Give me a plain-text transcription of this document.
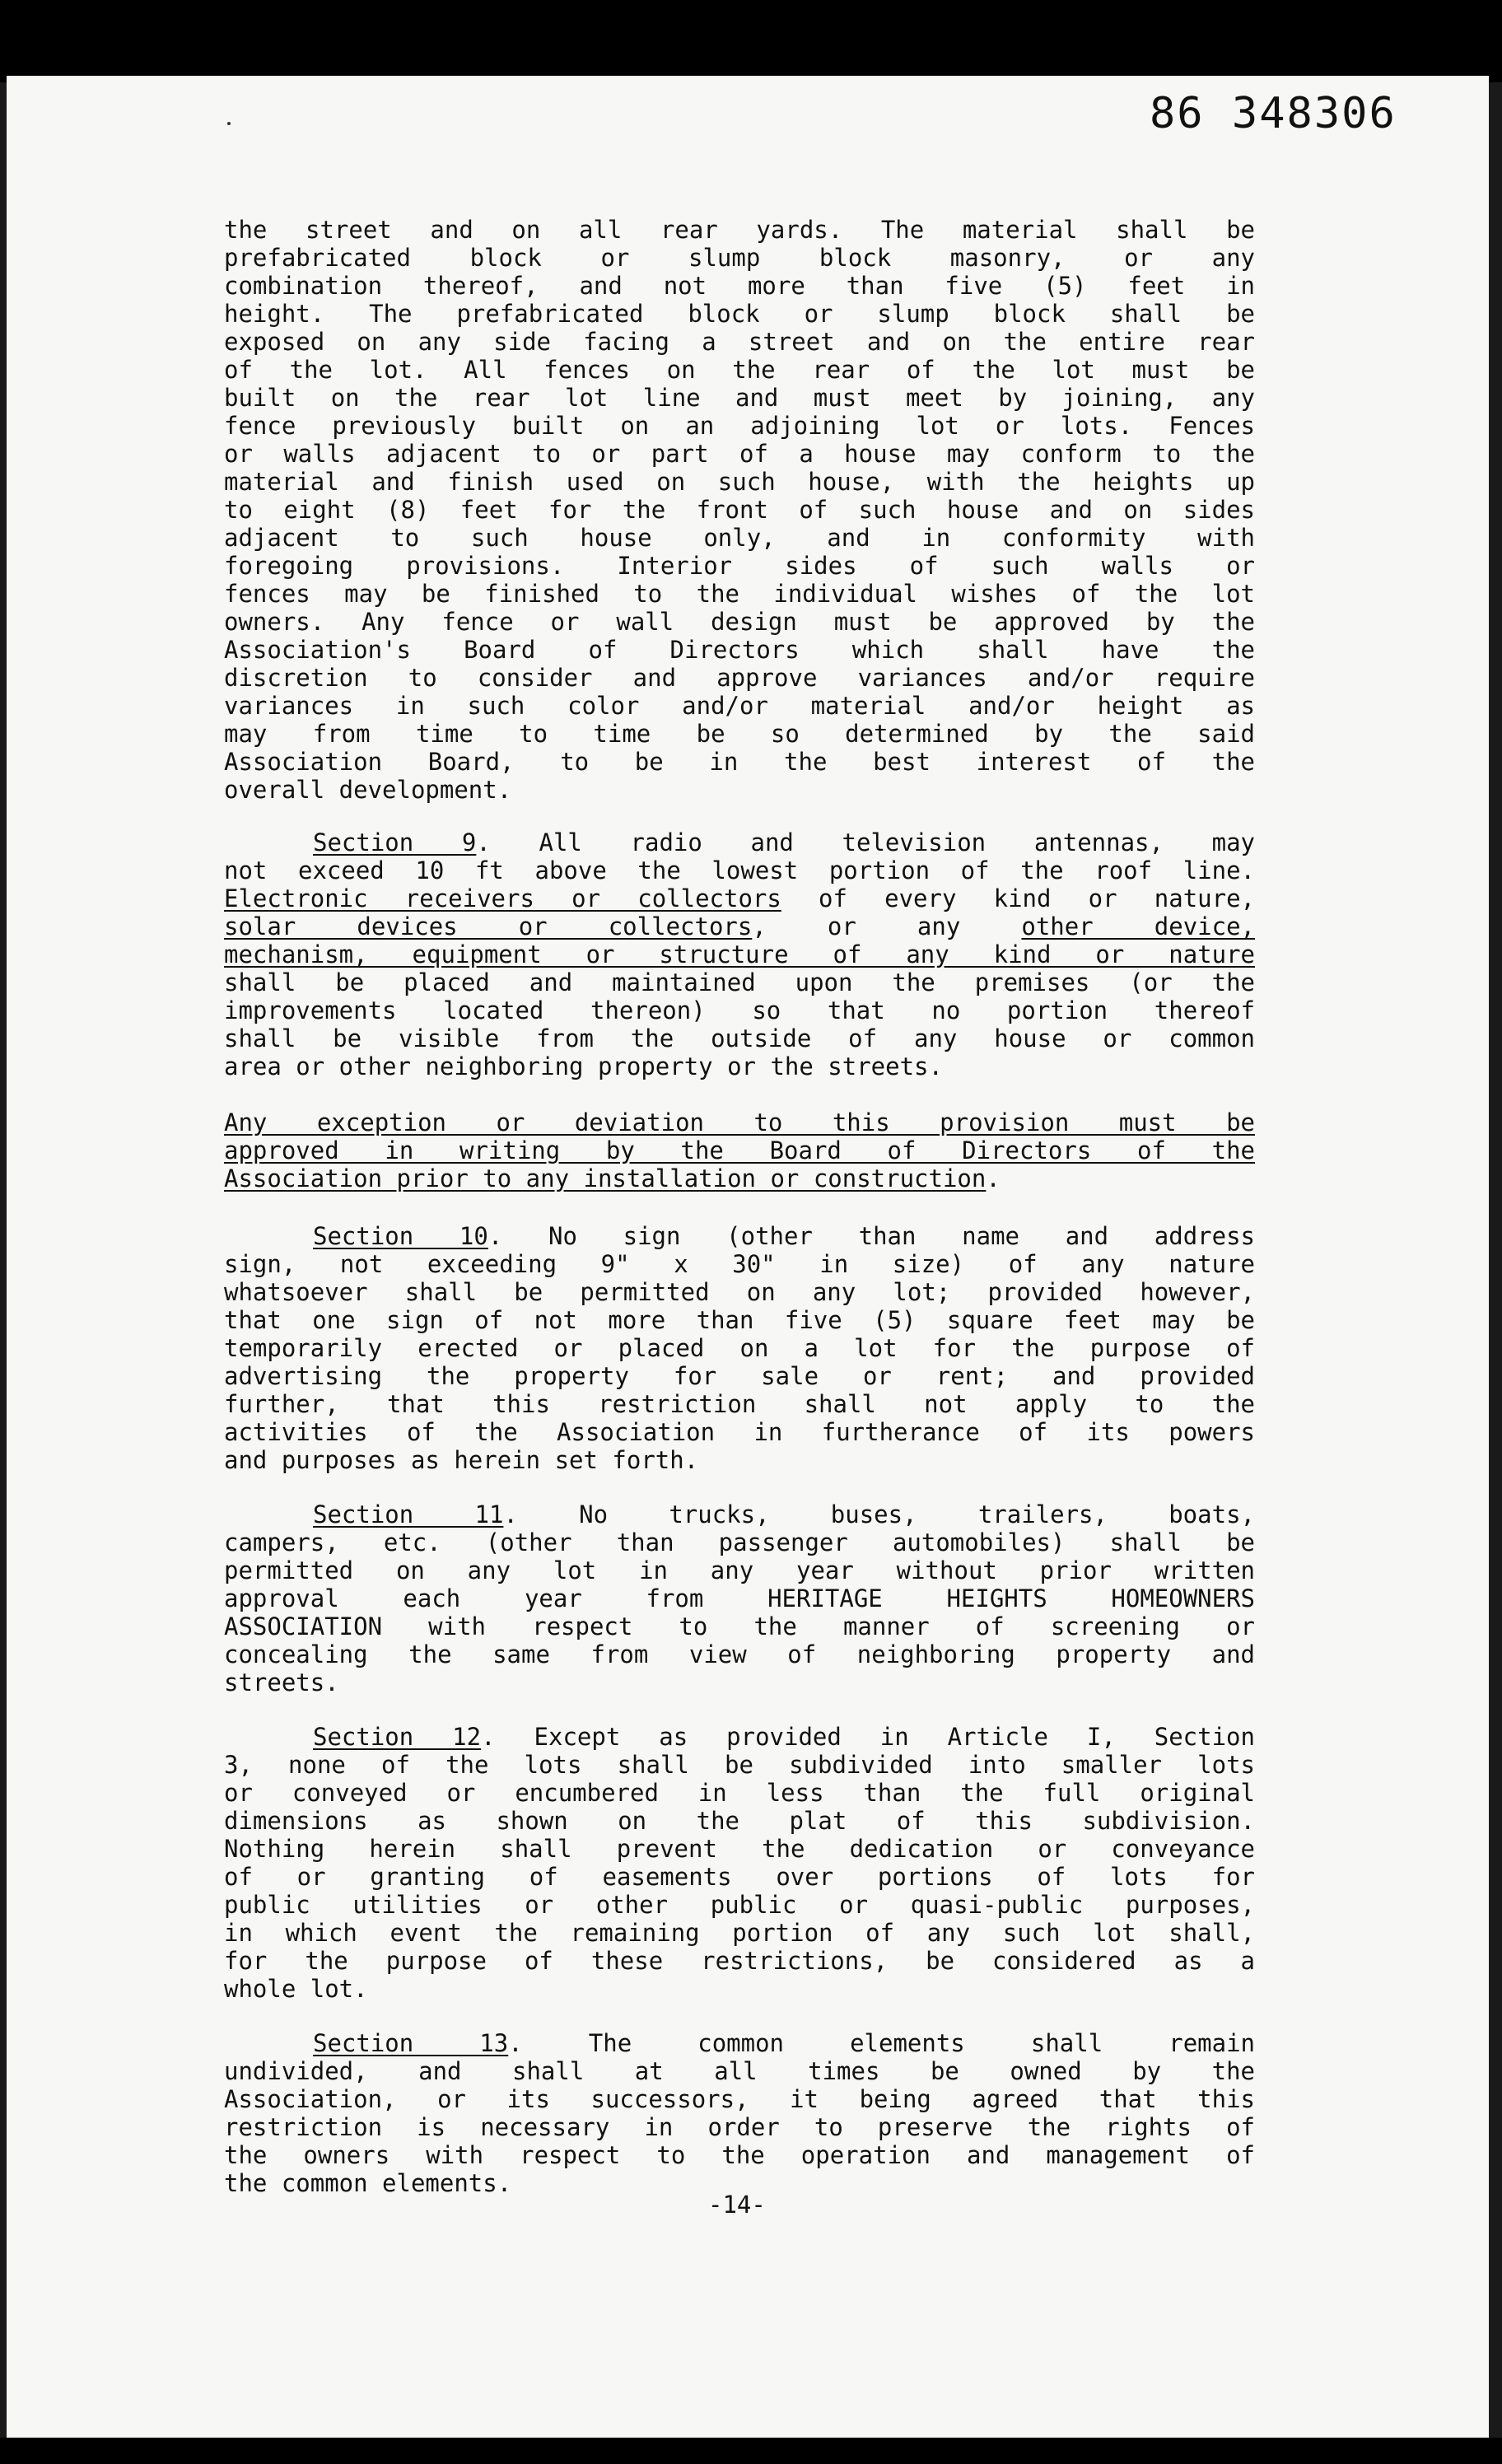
86 348306
the street and on all rear yards. The material shall be
prefabricated block or slump block masonry, or any
combination thereof, and not more than five (5) feet in
height. The prefabricated block or slump block shall be
exposed on any side facing a street and on the entire rear
of the lot. All fences on the rear of the lot must be
built on the rear lot line and must meet by joining, any
fence previously built on an adjoining lot or lots. Fences
or walls adjacent to or part of a house may conform to the
material and finish used on such house, with the heights up
to eight (8) feet for the front of such house and on sides
adjacent to such house only, and in conformity with
foregoing provisions. Interior sides of such walls or
fences may be finished to the individual wishes of the lot
owners. Any fence or wall design must be approved by the
Association's Board of Directors which shall have the
discretion to consider and approve variances and/or require
variances in such color and/or material and/or height as
may from time to time be so determined by the said
Association Board, to be in the best interest of the
overall development.
Section 9. All radio and television antennas, may
not exceed 10 ft above the lowest portion of the roof line.
Electronic receivers or collectors of every kind or nature,
solar devices or collectors, or any other device,
mechanism, equipment or structure of any kind or nature
shall be placed and maintained upon the premises (or the
improvements located thereon) so that no portion thereof
shall be visible from the outside of any house or common
area or other neighboring property or the streets.
Any exception or deviation to this provision must be
approved in writing by the Board of Directors of the
Association prior to any installation or construction.
Section 10. No sign (other than name and address
sign, not exceeding 9" x 30" in size) of any nature
whatsoever shall be permitted on any lot; provided however,
that one sign of not more than five (5) square feet may be
temporarily erected or placed on a lot for the purpose of
advertising the property for sale or rent; and provided
further, that this restriction shall not apply to the
activities of the Association in furtherance of its powers
and purposes as herein set forth.
Section 11. No trucks, buses, trailers, boats,
campers, etc. (other than passenger automobiles) shall be
permitted on any lot in any year without prior written
approval each year from HERITAGE HEIGHTS HOMEOWNERS
ASSOCIATION with respect to the manner of screening or
concealing the same from view of neighboring property and
streets.
Section 12. Except as provided in Article I, Section
3, none of the lots shall be subdivided into smaller lots
or conveyed or encumbered in less than the full original
dimensions as shown on the plat of this subdivision.
Nothing herein shall prevent the dedication or conveyance
of or granting of easements over portions of lots for
public utilities or other public or quasi-public purposes,
in which event the remaining portion of any such lot shall,
for the purpose of these restrictions, be considered as a
whole lot.
Section 13. The common elements shall remain
undivided, and shall at all times be owned by the
Association, or its successors, it being agreed that this
restriction is necessary in order to preserve the rights of
the owners with respect to the operation and management of
the common elements.
-14-
